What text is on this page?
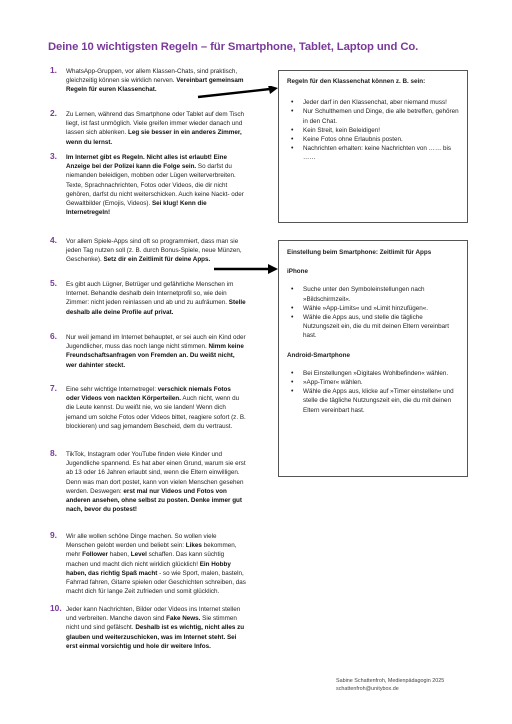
Deine 10 wichtigsten Regeln – für Smartphone, Tablet, Laptop und Co.
1. WhatsApp-Gruppen, vor allem Klassen-Chats, sind praktisch, gleichzeitig können sie wirklich nerven. Vereinbart gemeinsam Regeln für euren Klassenchat.
2. Zu Lernen, während das Smartphone oder Tablet auf dem Tisch liegt, ist fast unmöglich. Viele greifen immer wieder danach und lassen sich ablenken. Leg sie besser in ein anderes Zimmer, wenn du lernst.
3. Im Internet gibt es Regeln. Nicht alles ist erlaubt! Eine Anzeige bei der Polizei kann die Folge sein. So darfst du niemanden beleidigen, mobben oder Lügen weiterverbreiten. Texte, Sprachnachrichten, Fotos oder Videos, die dir nicht gehören, darfst du nicht weiterschicken. Auch keine Nackt- oder Gewaltbilder (Emojis, Videos). Sei klug! Kenn die Internetregeln!
4. Vor allem Spiele-Apps sind oft so programmiert, dass man sie jeden Tag nutzen soll (z. B. durch Bonus-Spiele, neue Münzen, Geschenke). Setz dir ein Zeitlimit für deine Apps.
5. Es gibt auch Lügner, Betrüger und gefährliche Menschen im Internet. Behandle deshalb dein Internetprofil so, wie dein Zimmer: nicht jeden reinlassen und ab und zu aufräumen. Stelle deshalb alle deine Profile auf privat.
6. Nur weil jemand im Internet behauptet, er sei auch ein Kind oder Jugendlicher, muss das noch lange nicht stimmen. Nimm keine Freundschaftsanfragen von Fremden an. Du weißt nicht, wer dahinter steckt.
7. Eine sehr wichtige Internetregel: verschick niemals Fotos oder Videos von nackten Körperteilen. Auch nicht, wenn du die Leute kennst. Du weißt nie, wo sie landen! Wenn dich jemand um solche Fotos oder Videos bittet, reagiere sofort (z. B. blockieren) und sag jemandem Bescheid, dem du vertraust.
8. TikTok, Instagram oder YouTube finden viele Kinder und Jugendliche spannend. Es hat aber einen Grund, warum sie erst ab 13 oder 16 Jahren erlaubt sind, wenn die Eltern einwilligen. Denn was man dort postet, kann von vielen Menschen gesehen werden. Deswegen: erst mal nur Videos und Fotos von anderen ansehen, ohne selbst zu posten. Denke immer gut nach, bevor du postest!
9. Wir alle wollen schöne Dinge machen. So wollen viele Menschen gelobt werden und beliebt sein: Likes bekommen, mehr Follower haben, Level schaffen. Das kann süchtig machen und macht dich nicht wirklich glücklich! Ein Hobby haben, das richtig Spaß macht - so wie Sport, malen, basteln, Fahrrad fahren, Gitarre spielen oder Geschichten schreiben, das macht dich für lange Zeit zufrieden und somit glücklich.
10. Jeder kann Nachrichten, Bilder oder Videos ins Internet stellen und verbreiten. Manche davon sind Fake News. Sie stimmen nicht und sind gefälscht. Deshalb ist es wichtig, nicht alles zu glauben und weiterzuschicken, was im Internet steht. Sei erst einmal vorsichtig und hole dir weitere Infos.
Regeln für den Klassenchat können z. B. sein:
• Jeder darf in den Klassenchat, aber niemand muss!
• Nur Schulthemen und Dinge, die alle betreffen, gehören in den Chat.
• Kein Streit, kein Beleidigen!
• Keine Fotos ohne Erlaubnis posten.
• Nachrichten erhalten: keine Nachrichten von …… bis ……
Einstellung beim Smartphone: Zeitlimit für Apps
iPhone
• Suche unter den Symboleinstellungen nach »Bildschirmzeit«.
• Wähle »App-Limits« und »Limit hinzufügen«.
• Wähle die Apps aus, und stelle die tägliche Nutzungszeit ein, die du mit deinen Eltern vereinbart hast.
Android-Smartphone
• Bei Einstellungen »Digitales Wohlbefinden« wählen.
• »App-Timer« wählen.
• Wähle die Apps aus, klicke auf »Timer einstellen« und stelle die tägliche Nutzungszeit ein, die du mit deinen Eltern vereinbart hast.
Sabine Schattenfroh, Medienpädagogin 2025
schattenfroh@unitybox.de
